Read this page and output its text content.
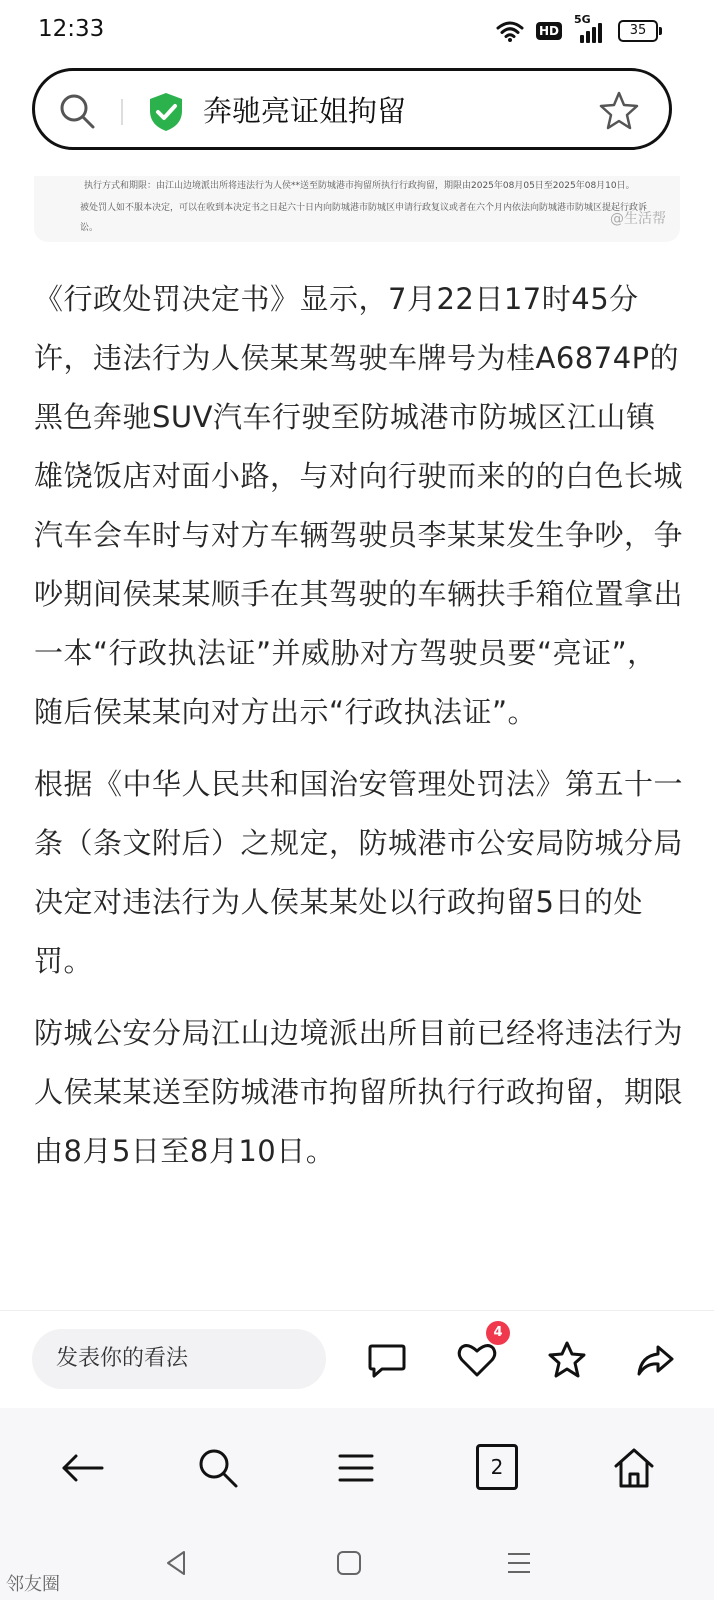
12:33	HD
5G
35
奔驰亮证姐拘留
执行方式和期限：由江山边境派出所将违法行为人侯**送至防城港市拘留所执行行政拘留，期限由2025年08月05日至2025年08月10日。
被处罚人如不服本决定，可以在收到本决定书之日起六十日内向防城港市防城区申请行政复议或者在六个月内依法向防城港市防城区提起行政诉
讼。
@生活帮

《行政处罚决定书》显示，7月22日17时45分许，违法行为人侯某某驾驶车牌号为桂A6874P的黑色奔驰SUV汽车行驶至防城港市防城区江山镇雄饶饭店对面小路，与对向行驶而来的的白色长城汽车会车时与对方车辆驾驶员李某某发生争吵，争吵期间侯某某顺手在其驾驶的车辆扶手箱位置拿出一本“行政执法证”并威胁对方驾驶员要“亮证”，随后侯某某向对方出示“行政执法证”。

根据《中华人民共和国治安管理处罚法》第五十一条（条文附后）之规定，防城港市公安局防城分局决定对违法行为人侯某某处以行政拘留5日的处罚。

防城公安分局江山边境派出所目前已经将违法行为人侯某某送至防城港市拘留所执行行政拘留，期限由8月5日至8月10日。

发表你的看法
4
2
邻友圈
